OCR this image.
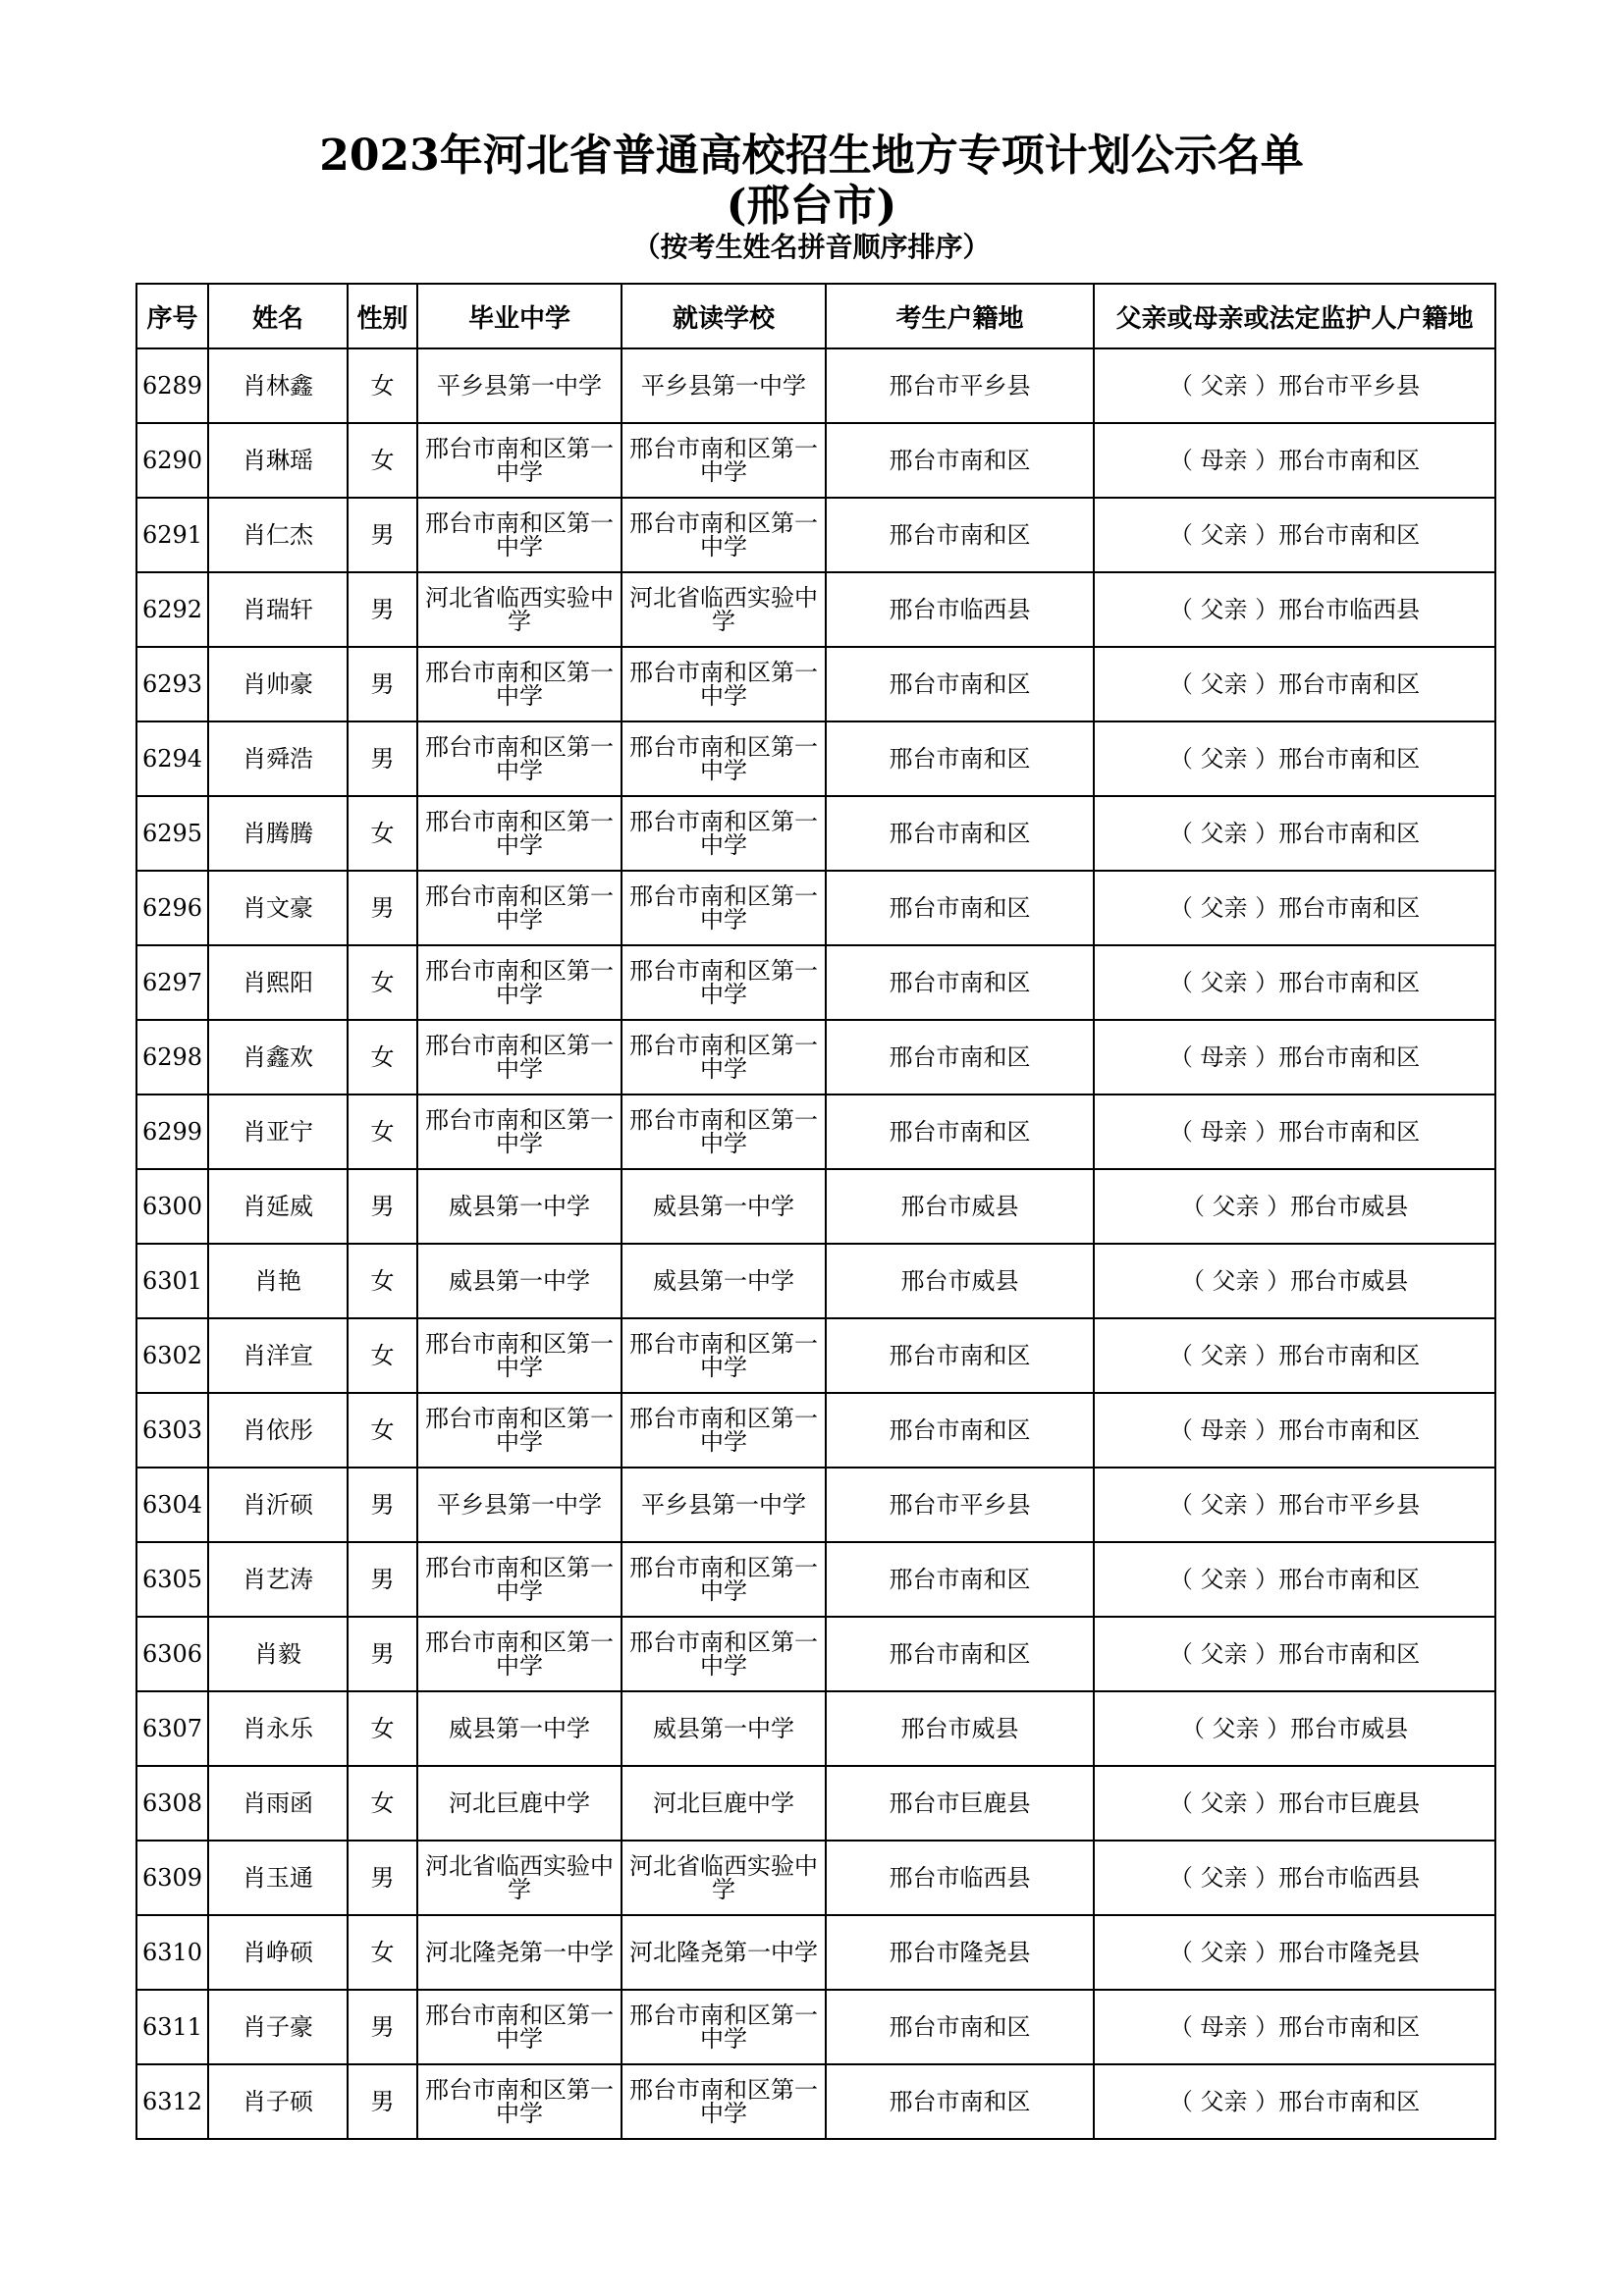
2023年河北省普通高校招生地方专项计划公示名单
(邢台市)
（按考生姓名拼音顺序排序）
序号	姓名	性别	毕业中学	就读学校	考生户籍地	父亲或母亲或法定监护人户籍地
6289	肖林鑫	女	平乡县第一中学	平乡县第一中学	邢台市平乡县	（ 父亲 ）邢台市平乡县
6290	肖琳瑶	女	邢台市南和区第一中学	邢台市南和区第一中学	邢台市南和区	（ 母亲 ）邢台市南和区
6291	肖仁杰	男	邢台市南和区第一中学	邢台市南和区第一中学	邢台市南和区	（ 父亲 ）邢台市南和区
6292	肖瑞轩	男	河北省临西实验中学	河北省临西实验中学	邢台市临西县	（ 父亲 ）邢台市临西县
6293	肖帅豪	男	邢台市南和区第一中学	邢台市南和区第一中学	邢台市南和区	（ 父亲 ）邢台市南和区
6294	肖舜浩	男	邢台市南和区第一中学	邢台市南和区第一中学	邢台市南和区	（ 父亲 ）邢台市南和区
6295	肖腾腾	女	邢台市南和区第一中学	邢台市南和区第一中学	邢台市南和区	（ 父亲 ）邢台市南和区
6296	肖文豪	男	邢台市南和区第一中学	邢台市南和区第一中学	邢台市南和区	（ 父亲 ）邢台市南和区
6297	肖熙阳	女	邢台市南和区第一中学	邢台市南和区第一中学	邢台市南和区	（ 父亲 ）邢台市南和区
6298	肖鑫欢	女	邢台市南和区第一中学	邢台市南和区第一中学	邢台市南和区	（ 母亲 ）邢台市南和区
6299	肖亚宁	女	邢台市南和区第一中学	邢台市南和区第一中学	邢台市南和区	（ 母亲 ）邢台市南和区
6300	肖延威	男	威县第一中学	威县第一中学	邢台市威县	（ 父亲 ）邢台市威县
6301	肖艳	女	威县第一中学	威县第一中学	邢台市威县	（ 父亲 ）邢台市威县
6302	肖洋宣	女	邢台市南和区第一中学	邢台市南和区第一中学	邢台市南和区	（ 父亲 ）邢台市南和区
6303	肖依彤	女	邢台市南和区第一中学	邢台市南和区第一中学	邢台市南和区	（ 母亲 ）邢台市南和区
6304	肖沂硕	男	平乡县第一中学	平乡县第一中学	邢台市平乡县	（ 父亲 ）邢台市平乡县
6305	肖艺涛	男	邢台市南和区第一中学	邢台市南和区第一中学	邢台市南和区	（ 父亲 ）邢台市南和区
6306	肖毅	男	邢台市南和区第一中学	邢台市南和区第一中学	邢台市南和区	（ 父亲 ）邢台市南和区
6307	肖永乐	女	威县第一中学	威县第一中学	邢台市威县	（ 父亲 ）邢台市威县
6308	肖雨函	女	河北巨鹿中学	河北巨鹿中学	邢台市巨鹿县	（ 父亲 ）邢台市巨鹿县
6309	肖玉通	男	河北省临西实验中学	河北省临西实验中学	邢台市临西县	（ 父亲 ）邢台市临西县
6310	肖峥硕	女	河北隆尧第一中学	河北隆尧第一中学	邢台市隆尧县	（ 父亲 ）邢台市隆尧县
6311	肖子豪	男	邢台市南和区第一中学	邢台市南和区第一中学	邢台市南和区	（ 母亲 ）邢台市南和区
6312	肖子硕	男	邢台市南和区第一中学	邢台市南和区第一中学	邢台市南和区	（ 父亲 ）邢台市南和区
